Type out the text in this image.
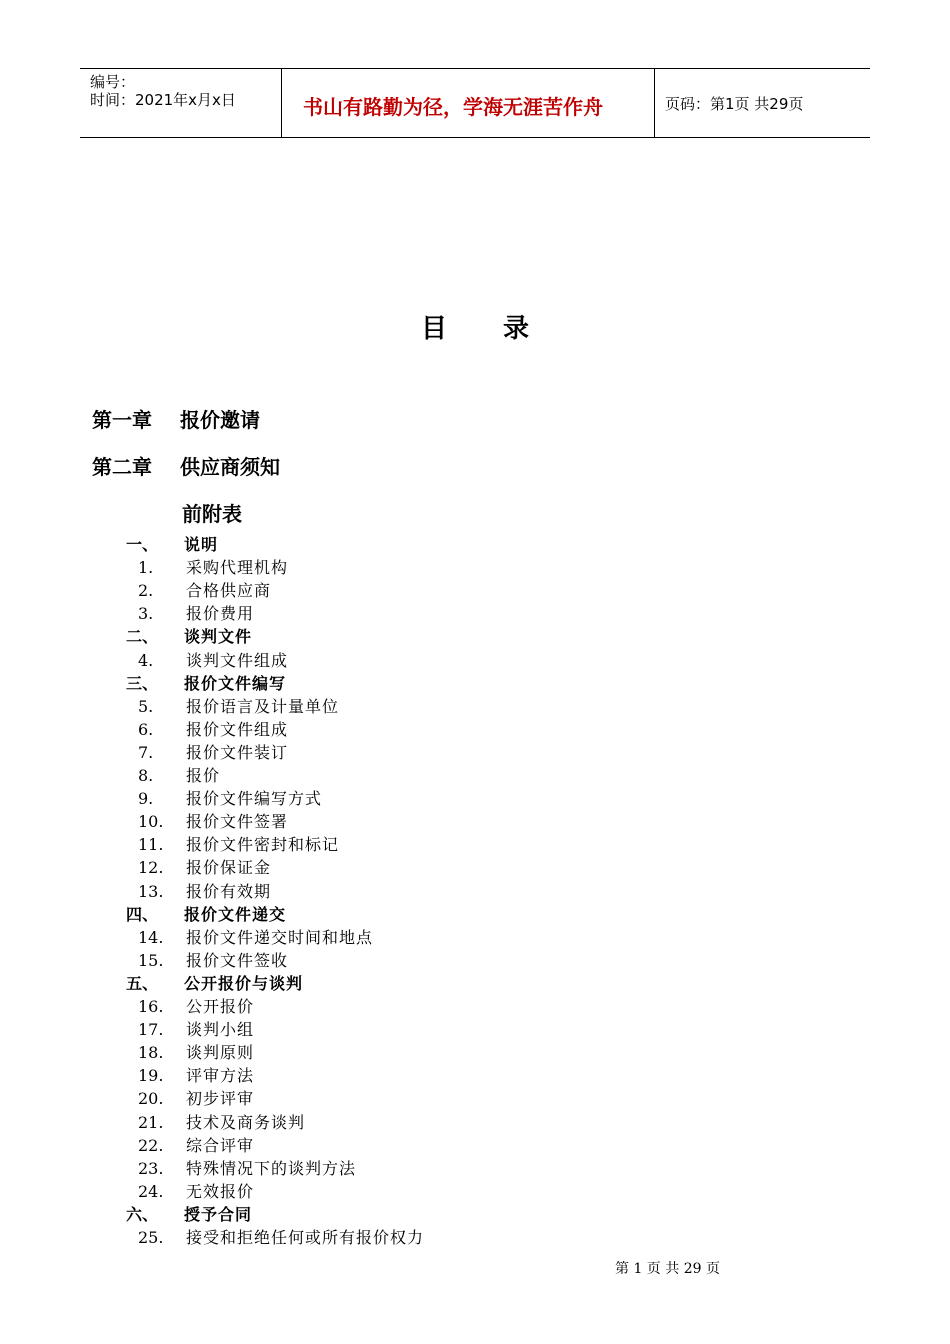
编号：
时间：2021年x月x日	书山有路勤为径，学海无涯苦作舟	页码：第1页 共29页
目录
第一章 报价邀请
第二章 供应商须知
前附表
一、 说明
1. 采购代理机构
2. 合格供应商
3. 报价费用
二、 谈判文件
4. 谈判文件组成
三、 报价文件编写
5. 报价语言及计量单位
6. 报价文件组成
7. 报价文件装订
8. 报价
9. 报价文件编写方式
10. 报价文件签署
11. 报价文件密封和标记
12. 报价保证金
13. 报价有效期
四、 报价文件递交
14. 报价文件递交时间和地点
15. 报价文件签收
五、 公开报价与谈判
16. 公开报价
17. 谈判小组
18. 谈判原则
19. 评审方法
20. 初步评审
21. 技术及商务谈判
22. 综合评审
23. 特殊情况下的谈判方法
24. 无效报价
六、 授予合同
25. 接受和拒绝任何或所有报价权力
第 1 页 共 29 页
